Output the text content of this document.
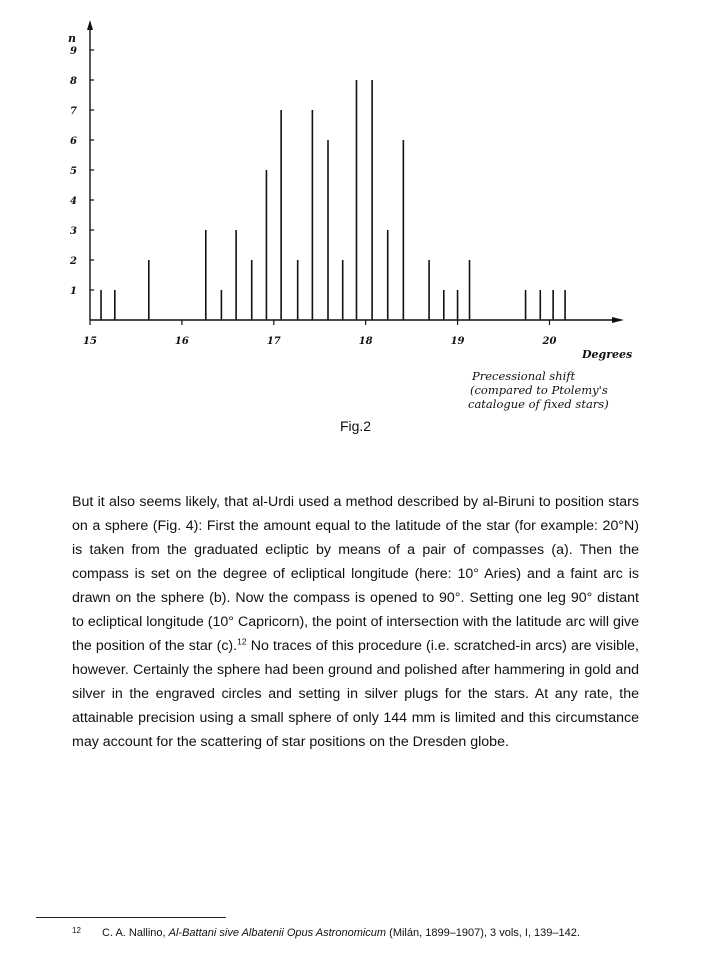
1
2
3
4
5
6
7
8
9
15	16	17	18	19	20
n
Degrees
Precessional shift
(compared to Ptolemy's
catalogue of fixed stars)
Fig.2

But it also seems likely, that al-Urdi used a method described by al-Biruni to position stars on a sphere (Fig. 4): First the amount equal to the latitude of the star (for example: 20°N) is taken from the graduated ecliptic by means of a pair of compasses (a). Then the compass is set on the degree of ecliptical longitude (here: 10° Aries) and a faint arc is drawn on the sphere (b). Now the compass is opened to 90°. Setting one leg 90° distant to ecliptical longitude (10° Capricorn), the point of intersection with the latitude arc will give the position of the star (c).$^{12}$ No traces of this procedure (i.e. scratched-in arcs) are visible, however. Certainly the sphere had been ground and polished after hammering in gold and silver in the engraved circles and setting in silver plugs for the stars. At any rate, the attainable precision using a small sphere of only 144 mm is limited and this circumstance may account for the scattering of star positions on the Dresden globe.

12 C. A. Nallino, Al-Battani sive Albatenii Opus Astronomicum (Milán, 1899–1907), 3 vols, I, 139–142.
